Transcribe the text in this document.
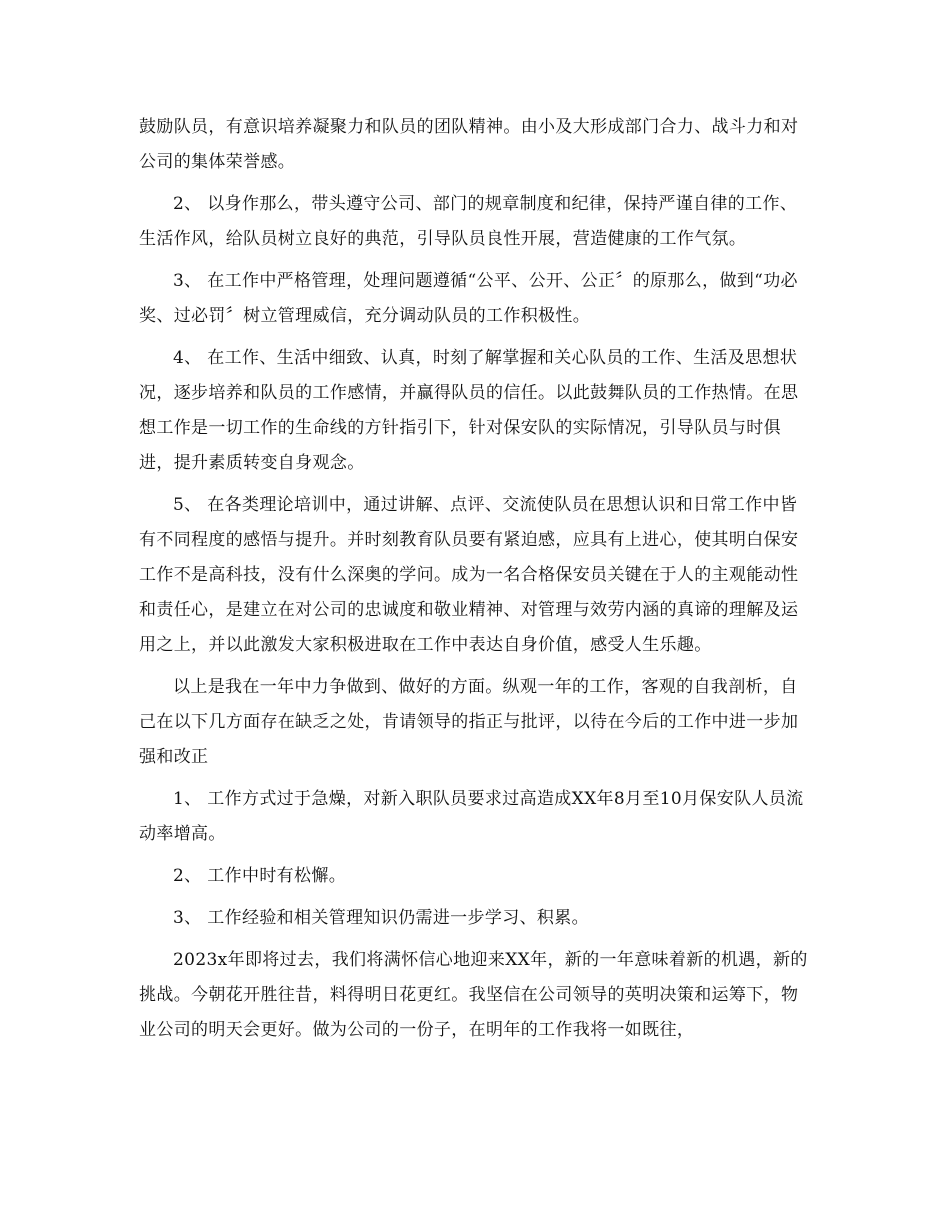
鼓励队员，有意识培养凝聚力和队员的团队精神。由小及大形成部门合力、战斗力和对公司的集体荣誉感。

2、 以身作那么，带头遵守公司、部门的规章制度和纪律，保持严谨自律的工作、生活作风，给队员树立良好的典范，引导队员良性开展，营造健康的工作气氛。

3、 在工作中严格管理，处理问题遵循“公平、公开、公正〞的原那么，做到“功必奖、过必罚〞树立管理威信，充分调动队员的工作积极性。

4、 在工作、生活中细致、认真，时刻了解掌握和关心队员的工作、生活及思想状况，逐步培养和队员的工作感情，并赢得队员的信任。以此鼓舞队员的工作热情。在思想工作是一切工作的生命线的方针指引下，针对保安队的实际情况，引导队员与时俱进，提升素质转变自身观念。

5、 在各类理论培训中，通过讲解、点评、交流使队员在思想认识和日常工作中皆有不同程度的感悟与提升。并时刻教育队员要有紧迫感，应具有上进心，使其明白保安工作不是高科技，没有什么深奥的学问。成为一名合格保安员关键在于人的主观能动性和责任心，是建立在对公司的忠诚度和敬业精神、对管理与效劳内涵的真谛的理解及运用之上，并以此激发大家积极进取在工作中表达自身价值，感受人生乐趣。

以上是我在一年中力争做到、做好的方面。纵观一年的工作，客观的自我剖析，自己在以下几方面存在缺乏之处，肯请领导的指正与批评，以待在今后的工作中进一步加强和改正

1、 工作方式过于急燥，对新入职队员要求过高造成XX年8月至10月保安队人员流动率增高。

2、 工作中时有松懈。

3、 工作经验和相关管理知识仍需进一步学习、积累。

2023x年即将过去，我们将满怀信心地迎来XX年，新的一年意味着新的机遇，新的挑战。今朝花开胜往昔，料得明日花更红。我坚信在公司领导的英明决策和运筹下，物业公司的明天会更好。做为公司的一份子，在明年的工作我将一如既往，
